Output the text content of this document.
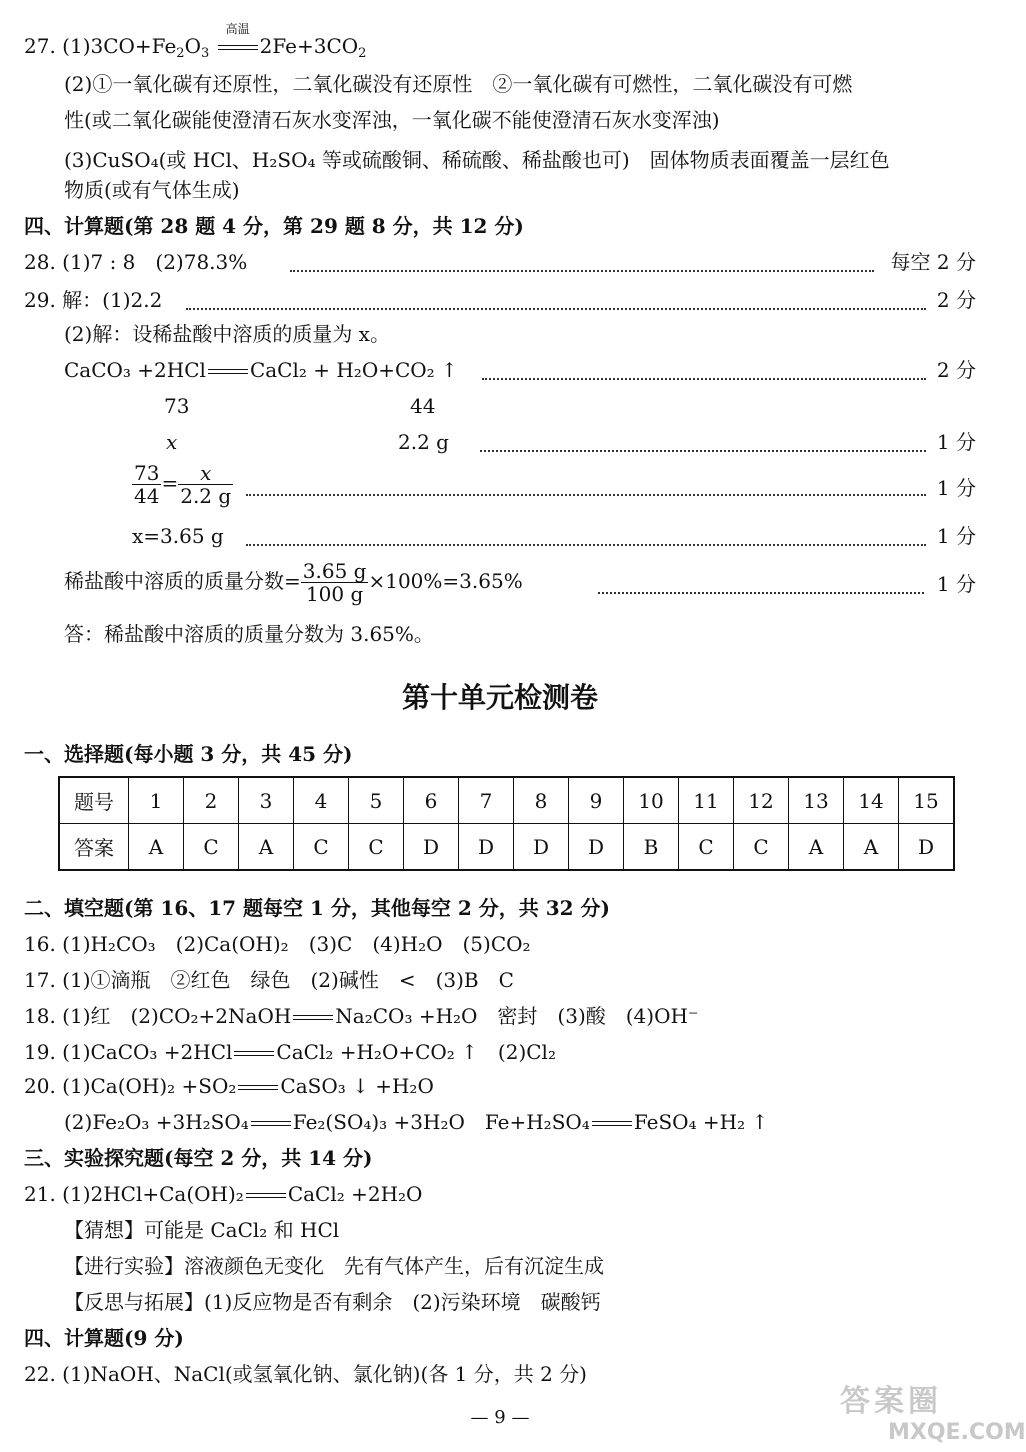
27. $(1)3CO+Fe_2O_3$
高温
$2Fe+3CO_2$
(2)①一氧化碳有还原性，二氧化碳没有还原性　②一氧化碳有可燃性，二氧化碳没有可燃
性(或二氧化碳能使澄清石灰水变浑浊，一氧化碳不能使澄清石灰水变浑浊)
(3)CuSO₄(或 HCl、H₂SO₄ 等或硫酸铜、稀硫酸、稀盐酸也可)　固体物质表面覆盖一层红色
物质(或有气体生成)
四、计算题(第 28 题 4 分，第 29 题 8 分，共 12 分)
28. (1)7 : 8　(2)78.3%	每空 2 分
29. 解：(1)2.2	2 分
(2)解：设稀盐酸中溶质的质量为 x。
CaCO₃ +2HCl CaCl₂ + H₂O+CO₂ ↑	2 分
73	44
x	2.2 g	1 分
$\frac{73}{44} = \frac{x}{2.2 g}$	1 分
x=3.65 g	1 分
稀盐酸中溶质的质量分数= $\frac{3.65 g}{100 g} \times 100\%=3.65\%$	1 分
答：稀盐酸中溶质的质量分数为 3.65%。
第十单元检测卷
一、选择题(每小题 3 分，共 45 分)
题号	1	2	3	4	5	6	7	8	9	10	11	12	13	14	15
答案	A	C	A	C	C	D	D	D	D	B	C	C	A	A	D
二、填空题(第 16、17 题每空 1 分，其他每空 2 分，共 32 分)
16. (1)H₂CO₃　(2)Ca(OH)₂　(3)C　(4)H₂O　(5)CO₂
17. (1)①滴瓶　②红色　绿色　(2)碱性　<　(3)B　C
18. (1)红　(2)CO₂+2NaOH Na₂CO₃ +H₂O　密封　(3)酸　(4)OH⁻
19. (1)CaCO₃ +2HCl CaCl₂ +H₂O+CO₂ ↑　(2)Cl₂
20. (1)Ca(OH)₂ +SO₂ CaSO₃ ↓ +H₂O
(2)Fe₂O₃ +3H₂SO₄ Fe₂(SO₄)₃ +3H₂O　Fe+H₂SO₄ FeSO₄ +H₂ ↑
三、实验探究题(每空 2 分，共 14 分)
21. (1)2HCl+Ca(OH)₂ CaCl₂ +2H₂O
【猜想】可能是 CaCl₂ 和 HCl
【进行实验】溶液颜色无变化　先有气体产生，后有沉淀生成
【反思与拓展】(1)反应物是否有剩余　(2)污染环境　碳酸钙
四、计算题(9 分)
22. (1)NaOH、NaCl(或氢氧化钠、氯化钠)(各 1 分，共 2 分)
— 9 —	答案圈
MXQE.COM
